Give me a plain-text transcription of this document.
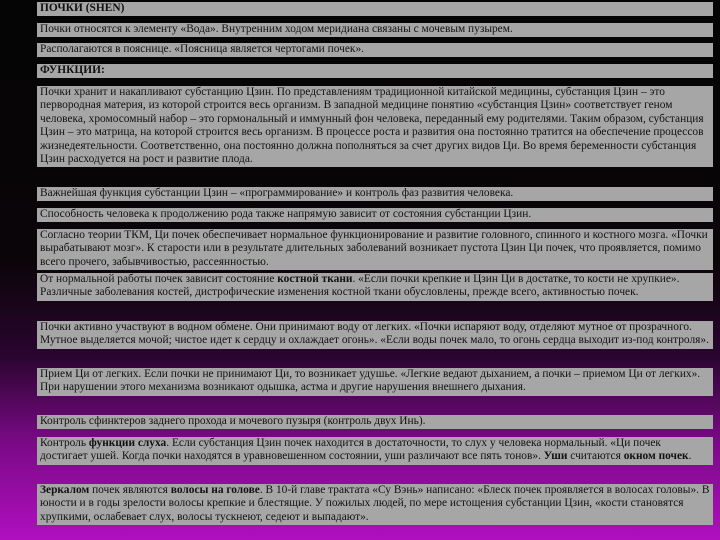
ПОЧКИ (SHEN)
Почки относятся к элементу «Вода». Внутренним ходом меридиана связаны с мочевым пузырем.
Располагаются в пояснице. «Поясница является чертогами почек».
ФУНКЦИИ:
Почки хранит и накапливают субстанцию Цзин. По представлениям традиционной китайской медицины, субстанция Цзин – это первородная материя, из которой строится весь организм. В западной медицине понятию «субстанция Цзин» соответствует геном человека, хромосомный набор – это гормональный и иммунный фон человека, переданный ему родителями. Таким образом, субстанция Цзин – это матрица, на которой строится весь организм. В процессе роста и развития она постоянно тратится на обеспечение процессов жизнедеятельности. Соответственно, она постоянно должна пополняться за счет других видов Ци. Во время беременности субстанция Цзин расходуется на рост и развитие плода.
Важнейшая функция субстанции Цзин – «программирование» и контроль фаз развития человека.
Способность человека к продолжению рода также напрямую зависит от состояния субстанции Цзин.
Согласно теории ТКМ, Ци почек обеспечивает нормальное функционирование и развитие головного, спинного и костного мозга. «Почки вырабатывают мозг». К старости или в результате длительных заболеваний возникает пустота Цзин Ци почек, что проявляется, помимо всего прочего, забывчивостью, рассеянностью.
От нормальной работы почек зависит состояние костной ткани. «Если почки крепкие и Цзин Ци в достатке, то кости не хрупкие». Различные заболевания костей, дистрофические изменения костной ткани обусловлены, прежде всего, активностью почек.
Почки активно участвуют в водном обмене. Они принимают воду от легких. «Почки испаряют воду, отделяют мутное от прозрачного. Мутное выделяется мочой; чистое идет к сердцу и охлаждает огонь». «Если воды почек мало, то огонь сердца выходит из-под контроля».
Прием Ци от легких. Если почки не принимают Ци, то возникает удушье. «Легкие ведают дыханием, а почки – приемом Ци от легких». При нарушении этого механизма возникают одышка, астма и другие нарушения внешнего дыхания.
Контроль сфинктеров заднего прохода и мочевого пузыря (контроль двух Инь).
Контроль функции слуха. Если субстанция Цзин почек находится в достаточности, то слух у человека нормальный. «Ци почек достигает ушей. Когда почки находятся в уравновешенном состоянии, уши различают все пять тонов». Уши считаются окном почек.
Зеркалом почек являются волосы на голове. В 10-й главе трактата «Су Вэнь» написано: «Блеск почек проявляется в волосах головы». В юности и в годы зрелости волосы крепкие и блестящие. У пожилых людей, по мере истощения субстанции Цзин, «кости становятся хрупкими, ослабевает слух, волосы тускнеют, седеют и выпадают».
